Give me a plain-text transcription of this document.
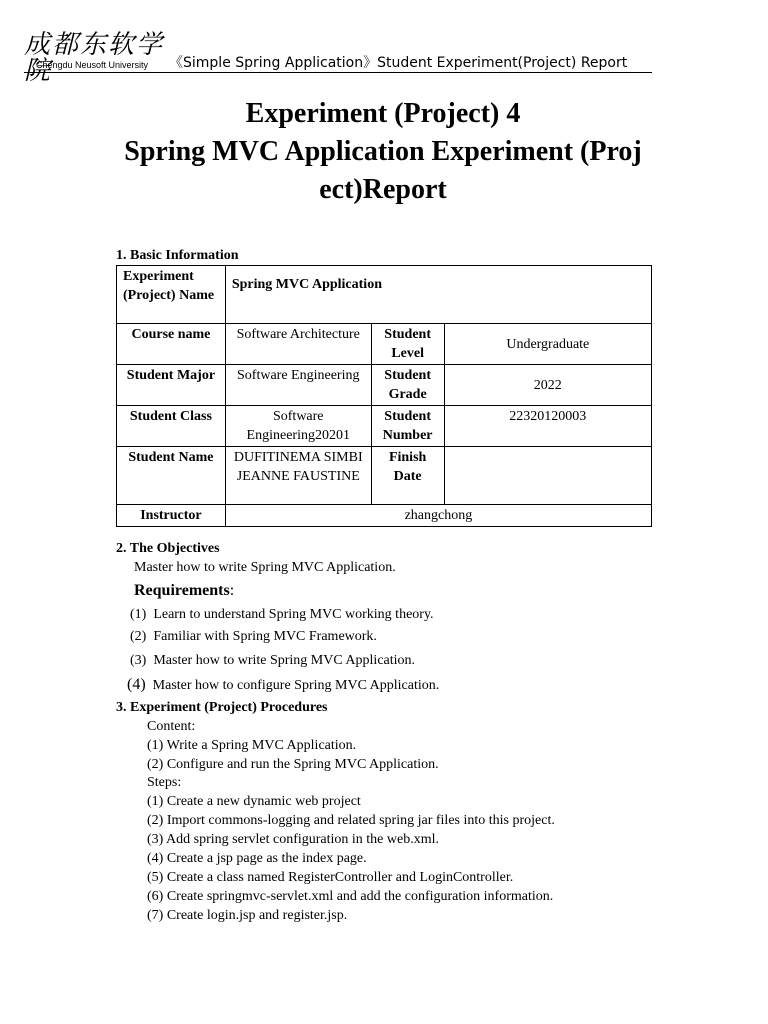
成都东软学院
Chengdu Neusoft University 《Simple Spring Application》Student Experiment(Project) Report
Experiment (Project) 4
Spring MVC Application Experiment (Proj
ect)Report
1. Basic Information
Experiment (Project) Name	Spring MVC Application		
Course name	Software Architecture	Student Level	Undergraduate
Student Major	Software Engineering	Student Grade	2022
Student Class	Software Engineering20201	Student Number	22320120003
Student Name	DUFITINEMA SIMBI JEANNE FAUSTINE	Finish Date	
Instructor	zhangchong		
2. The Objectives
Master how to write Spring MVC Application.
Requirements:
(1) Learn to understand Spring MVC working theory.
(2) Familiar with Spring MVC Framework.
(3) Master how to write Spring MVC Application.
(4) Master how to configure Spring MVC Application.
3. Experiment (Project) Procedures
Content:
(1) Write a Spring MVC Application.
(2) Configure and run the Spring MVC Application.
Steps:
(1) Create a new dynamic web project
(2) Import commons-logging and related spring jar files into this project.
(3) Add spring servlet configuration in the web.xml.
(4) Create a jsp page as the index page.
(5) Create a class named RegisterController and LoginController.
(6) Create springmvc-servlet.xml and add the configuration information.
(7) Create login.jsp and register.jsp.
